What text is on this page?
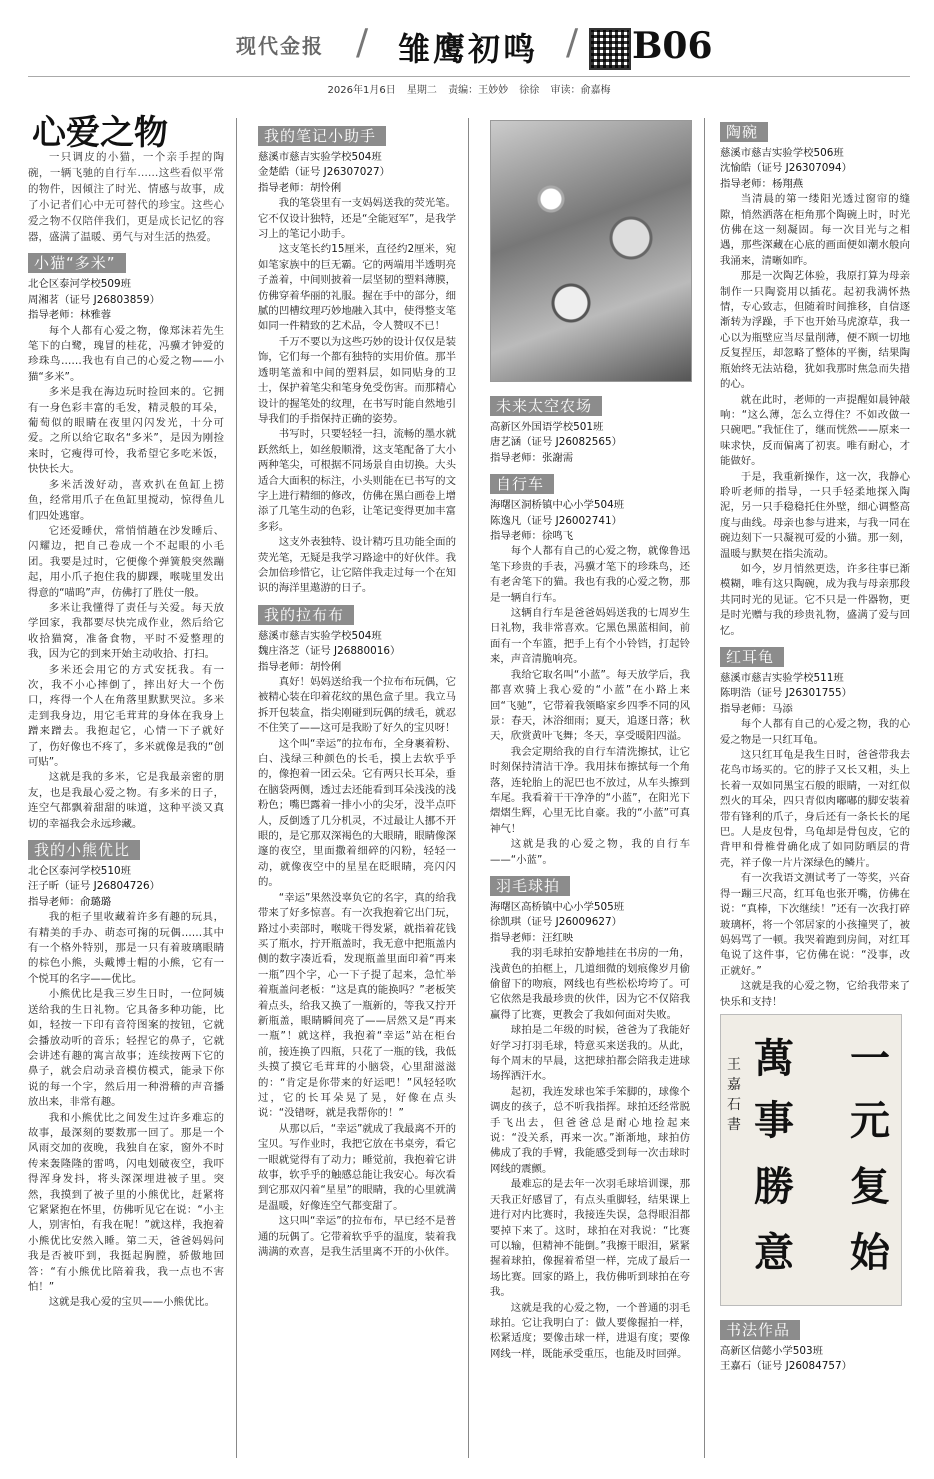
现代金报 / 雏鹰初鸣 / B06
2026年1月6日 星期二 责编：王妙妙 徐徐 审读：俞嘉梅
心爱之物

一只调皮的小猫，一个亲手捏的陶碗，一辆飞驰的自行车……这些看似平常的物件，因倾注了时光、情感与故事，成了小记者们心中无可替代的珍宝。这些心爱之物不仅陪伴我们，更是成长记忆的容器，盛满了温暖、勇气与对生活的热爱。

小猫“多米”
北仑区泰河学校509班
周湘茗（证号 J26803859）
指导老师：林雅蓉

每个人都有心爱之物，像郑沫若先生笔下的白鹭，瑰冒的桂花，冯骥才钟爱的珍珠鸟……我也有自己的心爱之物——小猫“多米”。

多米是我在海边玩时捡回来的。它拥有一身色彩丰富的毛发，精灵般的耳朵，葡萄似的眼睛在夜里闪闪发光，十分可爱。之所以给它取名“多米”，是因为刚捡来时，它瘦得可怜，我希望它多吃米饭，快快长大。

多米活泼好动，喜欢扒在鱼缸上捞鱼，经常用爪子在鱼缸里搅动，惊得鱼儿们四处逃窜。

它还爱睡伏，常悄悄趟在沙发睡后、闪耀边，把自己卷成一个不起眼的小毛团。我要是过时，它便像个弹簧般突然蹦起，用小爪子抱住我的脚踝，喉咙里发出得意的“喵呜”声，仿佛打了胜仗一般。

多米让我懂得了责任与关爱。每天放学回家，我都要尽快完成作业，然后给它收拾猫窝，准备食物，平时不爱整理的我，因为它的到来开始主动收拾、打扫。

多米还会用它的方式安抚我。有一次，我不小心摔倒了，摔出好大一个伤口，疼得一个人在角落里默默哭泣。多米走到我身边，用它毛茸茸的身体在我身上蹭来蹭去。我抱起它，心情一下子就好了，伤好像也不疼了，多米就像是我的“创可贴”。

这就是我的多米，它是我最亲密的朋友，也是我最心爱之物。有多米的日子，连空气都飘着甜甜的味道，这种平淡又真切的幸福我会永远珍藏。

我的小熊优比
北仑区泰河学校510班
汪子昕（证号 J26804726）
指导老师：俞璐璐

我的柜子里收藏着许多有趣的玩具，有精美的手办、萌态可掬的玩偶……其中有一个格外特别，那是一只有着玻璃眼睛的棕色小熊，头戴博士帽的小熊，它有一个悦耳的名字——优比。

小熊优比是我三岁生日时，一位阿姨送给我的生日礼物。它具备多种功能，比如，轻按一下印有音符图案的按钮，它就会播放动听的音乐；轻捏它的鼻子，它就会讲述有趣的寓言故事；连续按两下它的鼻子，就会启动录音模仿模式，能录下你说的每一个字，然后用一种滑稽的声音播放出来，非常有趣。

我和小熊优比之间发生过许多难忘的故事，最深刻的要数那一回了。那是一个风雨交加的夜晚，我独自在家，窗外不时传来轰隆隆的雷鸣，闪电划破夜空，我吓得浑身发抖，将头深深埋进被子里。突然，我摸到了被子里的小熊优比，赶紧将它紧紧抱在怀里，仿佛听见它在说：“小主人，别害怕，有我在呢！”就这样，我抱着小熊优比安然入睡。第二天，爸爸妈妈问我是否被吓到，我挺起胸膛，骄傲地回答：“有小熊优比陪着我，我一点也不害怕！”

这就是我心爱的宝贝——小熊优比。

我的笔记小助手
慈溪市慈吉实验学校504班
金楚皓（证号 J26307027）
指导老师：胡怜俐

我的笔袋里有一支妈妈送我的荧光笔。它不仅设计独特，还是“全能冠军”，是我学习上的笔记小助手。

这支笔长约15厘米，直径约2厘米，宛如笔家族中的巨无霸。它的两端用半透明亮子盖着，中间则披着一层坚韧的塑料薄膜，仿佛穿着华丽的礼服。握在手中的部分，细腻的凹槽纹理巧妙地融入其中，使得整支笔如同一件精致的艺术品，令人赞叹不已！

千万不要以为这些巧妙的设计仅仅是装饰，它们每一个都有独特的实用价值。那半透明笔盖和中间的塑料层，如同贴身的卫士，保护着笔尖和笔身免受伤害。而那精心设计的握笔处的纹理，在书写时能自然地引导我们的手指保持正确的姿势。

书写时，只要轻轻一扫，流畅的墨水就跃然纸上，如丝般顺滑，这支笔配备了大小两种笔尖，可根据不同场景自由切换。大头适合大面积的标注，小头则能在已书写的文字上进行精细的修改，仿佛在黑白画卷上增添了几笔生动的色彩，让笔记变得更加丰富多彩。

这支外表独特、设计精巧且功能全面的荧光笔，无疑是我学习路途中的好伙伴。我会加倍珍惜它，让它陪伴我走过每一个在知识的海洋里遨游的日子。

我的拉布布
慈溪市慈吉实验学校504班
魏庄洛芝（证号 J26880016）
指导老师：胡怜俐

真好！妈妈送给我一个拉布布玩偶，它被精心装在印着花纹的黑色盒子里。我立马拆开包装盒，指尖刚碰到玩偶的绒毛，就忍不住笑了——这可是我盼了好久的宝贝呀！

这个叫“幸运”的拉布布，全身裹着粉、白、浅绿三种颜色的长毛，摸上去软乎乎的，像抱着一团云朵。它有两只长耳朵，垂在脑袋两侧，透过去还能看到耳朵浅浅的浅粉色；嘴巴露着一排小小的尖牙，没半点吓人，反倒透了几分机灵，不过最让人挪不开眼的，是它那双深褐色的大眼睛，眼睛像深邃的夜空，里面撒着细碎的闪粉，轻轻一动，就像夜空中的星星在眨眼睛，亮闪闪的。

“幸运”果然没辜负它的名字，真的给我带来了好多惊喜。有一次我抱着它出门玩，路过小卖部时，喉咙干得发紧，就指着花钱买了瓶水，拧开瓶盖时，我无意中把瓶盖内侧的数字凑近看，发现瓶盖里面印着“再来一瓶”四个字，心一下子提了起来，急忙举着瓶盖问老板：“这是真的能换吗？”老板笑着点头，给我又换了一瓶新的，等我又拧开新瓶盖，眼睛瞬间亮了——居然又是“再来一瓶”！就这样，我抱着“幸运”站在柜台前，接连换了四瓶，只花了一瓶的钱，我低头摸了摸它毛茸茸的小脑袋，心里甜滋滋的：“肯定是你带来的好运吧！”风轻轻吹过，它的长耳朵晃了晃，好像在点头说：“没错呀，就是我帮你的！”

从那以后，“幸运”就成了我最离不开的宝贝。写作业时，我把它放在书桌旁，看它一眼就觉得有了动力；睡觉前，我抱着它讲故事，软乎乎的触感总能让我安心。每次看到它那双闪着“星星”的眼睛，我的心里就满是温暖，好像连空气都变甜了。

这只叫“幸运”的拉布布，早已经不是普通的玩偶了。它带着软乎乎的温度，装着我满满的欢喜，是我生活里离不开的小伙伴。

未来太空农场
高新区外国语学校501班
唐艺涵（证号 J26082565）
指导老师：张謝需
自行车
海曙区洞桥镇中心小学504班
陈逸凡（证号 J26002741）
指导老师：徐鸣飞

每个人都有自己的心爱之物，就像鲁迅笔下珍贵的手表，冯骥才笔下的珍珠鸟，还有老舍笔下的猫。我也有我的心爱之物，那是一辆自行车。

这辆自行车是爸爸妈妈送我的七周岁生日礼物，我非常喜欢。它黑色黑蓝相间，前面有一个车篮，把手上有个小铃铛，打起铃来，声音清脆响亮。

我给它取名叫“小蓝”。每天放学后，我都喜欢骑上我心爱的“小蓝”在小路上来回“飞驰”，它带着我领略家乡四季不同的风景：春天，沐浴细雨；夏天，追逐日落；秋天，欣赏黄叶飞舞；冬天，享受暖阳四溢。

我会定期给我的自行车清洗擦拭，让它时刻保持清洁干净。我用抹布擦拭每一个角落，连轮胎上的泥巴也不放过，从车头擦到车尾。我看着干干净净的“小蓝”，在阳光下熠熠生辉，心里无比自豪。我的“小蓝”可真神气！

这就是我的心爱之物，我的自行车——“小蓝”。

羽毛球拍
海曙区高桥镇中心小学505班
徐凯琪（证号 J26009627）
指导老师：汪红映

我的羽毛球拍安静地挂在书房的一角，浅黄色的拍框上，几道细微的划痕像岁月偷偷留下的吻痕，网线也有些松松垮垮了。可它依然是我最珍贵的伙伴，因为它不仅陪我赢得了比赛，更教会了我如何面对失败。

球拍是二年级的时候，爸爸为了我能好好学习打羽毛球，特意买来送我的。从此，每个周末的早晨，这把球拍都会陪我走进球场挥洒汗水。

起初，我连发球也笨手笨脚的，球像个调皮的孩子，总不听我指挥。球拍还经常脱手飞出去，但爸爸总是耐心地捡起来说：“没关系，再来一次。”渐渐地，球拍仿佛成了我的手臂，我能感受到每一次击球时网线的震颤。

最难忘的是去年一次羽毛球培训课，那天我正好感冒了，有点头重脚轻，结果课上进行对内比赛时，我接连失误，急得眼泪都要掉下来了。这时，球拍在对我说：“比赛可以输，但精神不能倒。”我擦干眼泪，紧紧握着球拍，像握着希望一样，完成了最后一场比赛。回家的路上，我仿佛听到球拍在夸我。

这就是我的心爱之物，一个普通的羽毛球拍。它让我明白了：做人要像握拍一样，松紧适度；要像击球一样，进退有度；要像网线一样，既能承受重压，也能及时回弹。

陶碗
慈溪市慈吉实验学校506班
沈愉皓（证号 J26307094）
指导老师：杨翔燕

当清晨的第一缕阳光透过窗帘的缝隙，悄然洒落在柜角那个陶碗上时，时光仿佛在这一刻凝固。每一次目光与之相遇，那些深藏在心底的画面便如潮水般向我涌来，清晰如昨。

那是一次陶艺体验，我原打算为母亲制作一只陶瓷用以插花。起初我满怀热情，专心致志，但随着时间推移，自信逐渐转为浮躁，手下也开始马虎潦草，我一心以为瓶壁应当尽量削薄，便不顾一切地反复捏压，却忽略了整体的平衡，结果陶瓶始终无法站稳，犹如我那时焦急而失措的心。

就在此时，老师的一声提醒如晨钟敲响：“这么薄，怎么立得住？不如改做一只碗吧。”我怔住了，继而恍然——原来一味求快，反而偏离了初衷。唯有耐心，才能做好。

于是，我重新操作，这一次，我静心聆听老师的指导，一只手轻柔地探入陶泥，另一只手稳稳托住外壁，细心调整高度与曲线。母亲也参与进来，与我一同在碗边刻下一只凝视可爱的小猫。那一刻，温暖与默契在指尖流动。

如今，岁月悄然更迭，许多往事已渐模糊，唯有这只陶碗，成为我与母亲那段共同时光的见证。它不只是一件器物，更是时光赠与我的珍贵礼物，盛满了爱与回忆。

红耳龟
慈溪市慈吉实验学校511班
陈明浩（证号 J26301755）
指导老师：马添

每个人都有自己的心爱之物，我的心爱之物是一只红耳龟。

这只红耳龟是我生日时，爸爸带我去花鸟市场买的。它的脖子又长又粗，头上长着一双如同黑宝石般的眼睛，一对红似烈火的耳朵，四只青似肉嘟嘟的脚安装着带有锋利的爪子，身后还有一条长长的尾巴。人是皮包骨，乌龟却是骨包皮，它的背甲和骨椎骨确化成了如同防晒层的背壳，祥子像一片片深绿色的鳞片。

有一次我语文测试考了一等奖，兴奋得一蹦三尺高，红耳龟也张开嘴，仿佛在说：“真棒，下次继续！”还有一次我打碎玻璃杯，将一个邻居家的小孩撞哭了，被妈妈骂了一顿。我哭着跑到房间，对红耳龟说了这件事，它仿佛在说：“没事，改正就好。”

这就是我的心爱之物，它给我带来了快乐和支持！

一
元
复
始
萬
事
勝
意
王嘉石書
书法作品
高新区信懿小学503班
王嘉石（证号 J26084757）
